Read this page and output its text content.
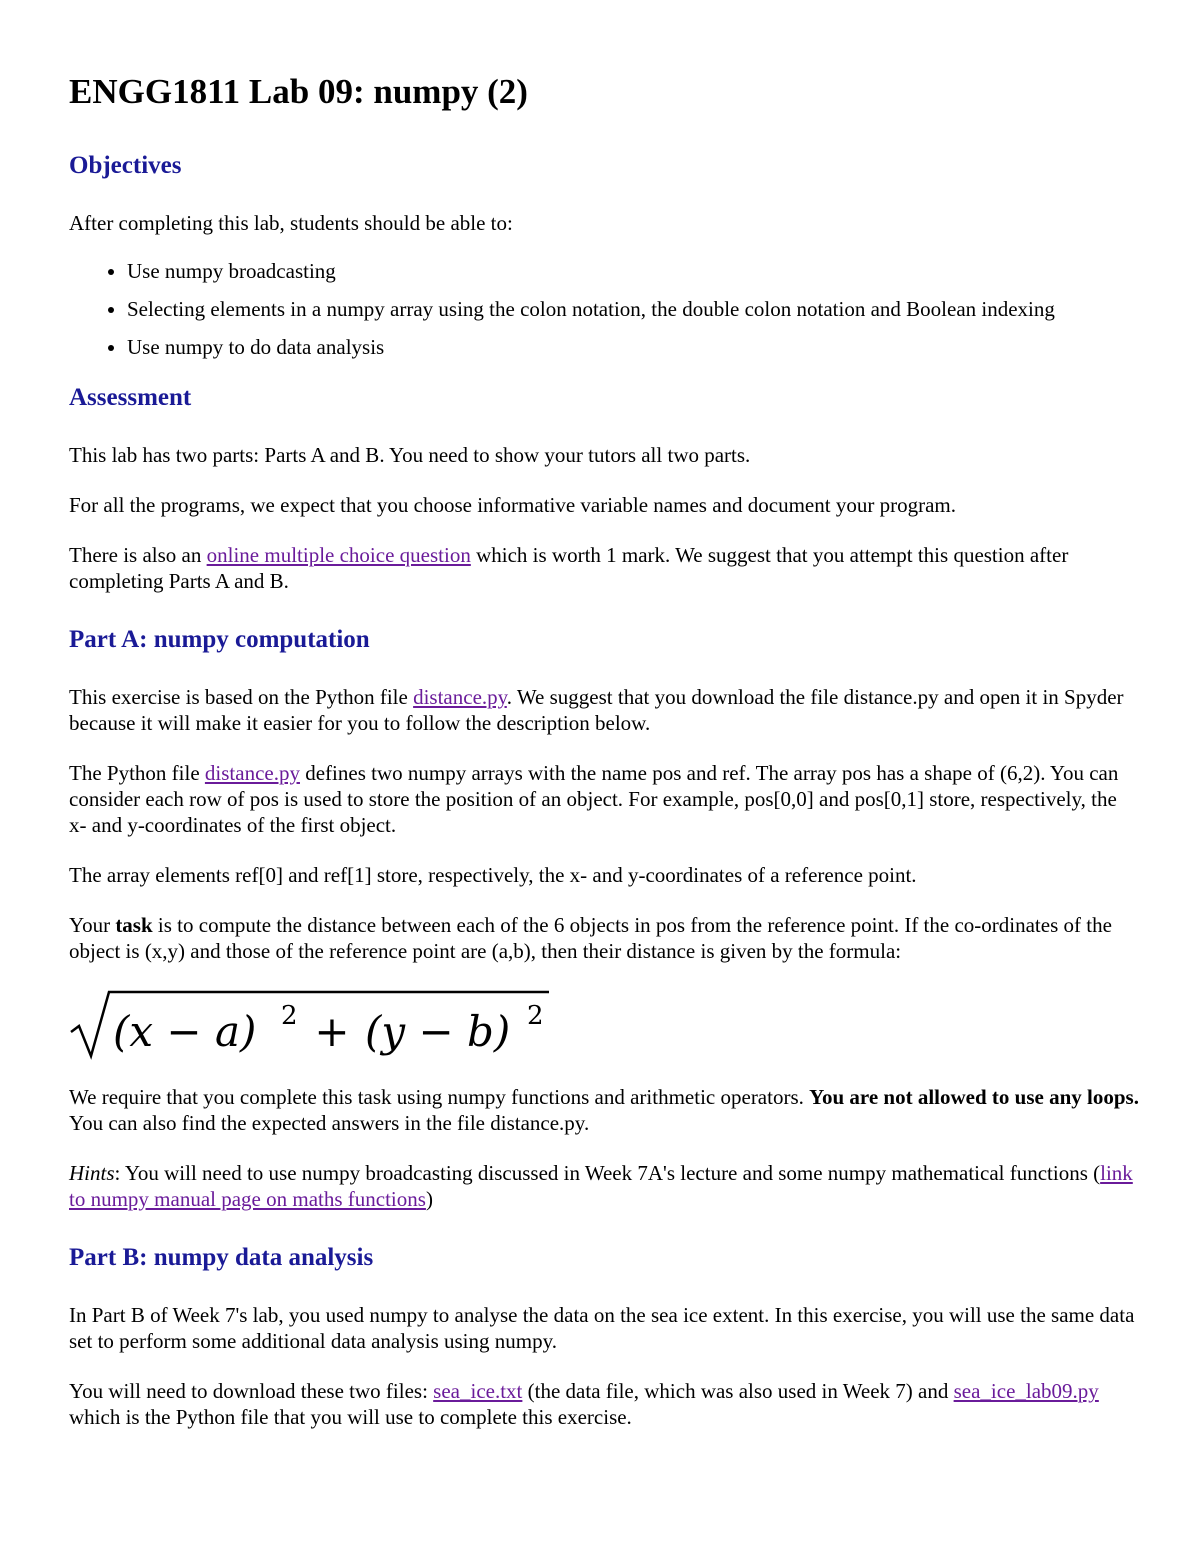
ENGG1811 Lab 09: numpy (2)
Objectives

After completing this lab, students should be able to:

• Use numpy broadcasting
• Selecting elements in a numpy array using the colon notation, the double colon notation and Boolean indexing
• Use numpy to do data analysis
Assessment

This lab has two parts: Parts A and B. You need to show your tutors all two parts.

For all the programs, we expect that you choose informative variable names and document your program.

There is also an online multiple choice question which is worth 1 mark. We suggest that you attempt this question after completing Parts A and B.

Part A: numpy computation

This exercise is based on the Python file distance.py. We suggest that you download the file distance.py and open it in Spyder because it will make it easier for you to follow the description below.

The Python file distance.py defines two numpy arrays with the name pos and ref. The array pos has a shape of (6,2). You can consider each row of pos is used to store the position of an object. For example, pos[0,0] and pos[0,1] store, respectively, the x- and y-coordinates of the first object.

The array elements ref[0] and ref[1] store, respectively, the x- and y-coordinates of a reference point.

Your task is to compute the distance between each of the 6 objects in pos from the reference point. If the co-ordinates of the object is (x,y) and those of the reference point are (a,b), then their distance is given by the formula:

(x − a) 2 + (y − b) 2

We require that you complete this task using numpy functions and arithmetic operators. You are not allowed to use any loops. You can also find the expected answers in the file distance.py.

Hints: You will need to use numpy broadcasting discussed in Week 7A's lecture and some numpy mathematical functions (link to numpy manual page on maths functions)

Part B: numpy data analysis

In Part B of Week 7's lab, you used numpy to analyse the data on the sea ice extent. In this exercise, you will use the same data set to perform some additional data analysis using numpy.

You will need to download these two files: sea_ice.txt (the data file, which was also used in Week 7) and sea_ice_lab09.py which is the Python file that you will use to complete this exercise.
